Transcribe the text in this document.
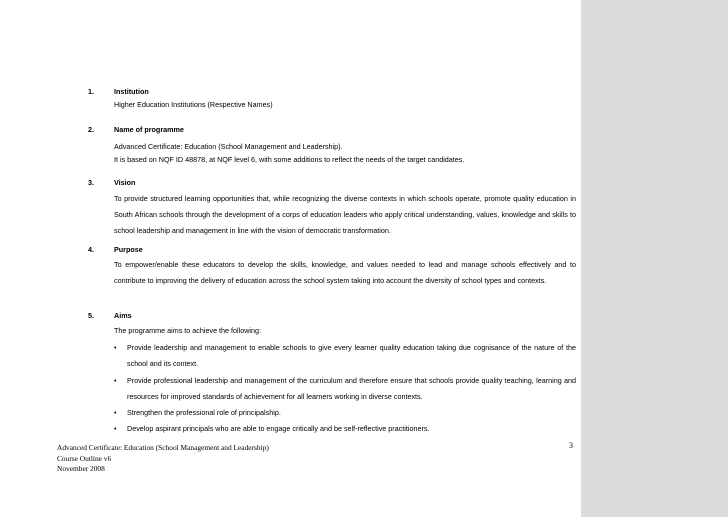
1.	Institution

Higher Education Institutions (Respective Names)

2.	Name of programme

Advanced Certificate: Education (School Management and Leadership).

It is based on NQF ID 48878, at NQF level 6, with some additions to reflect the needs of the target candidates.

3.	Vision

To provide structured learning opportunities that, while recognizing the diverse contexts in which schools operate, promote quality education in South African schools through the development of a corps of education leaders who apply critical understanding, values, knowledge and skills to school leadership and management in line with the vision of democratic transformation.

4.	Purpose

To empower/enable these educators to develop the skills, knowledge, and values needed to lead and manage schools effectively and to contribute to improving the delivery of education across the school system taking into account the diversity of school types and contexts.

5.	Aims

The programme aims to achieve the following:

•	Provide leadership and management to enable schools to give every learner quality education taking due cognisance of the nature of the school and its context.

•	Provide professional leadership and management of the curriculum and therefore ensure that schools provide quality teaching, learning and resources for improved standards of achievement for all learners working in diverse contexts.

•	Strengthen the professional role of principalship.

•	Develop aspirant principals who are able to engage critically and be self-reflective practitioners.

Advanced Certificate: Education (School Management and Leadership)
Course Outline v6
November 2008
3
